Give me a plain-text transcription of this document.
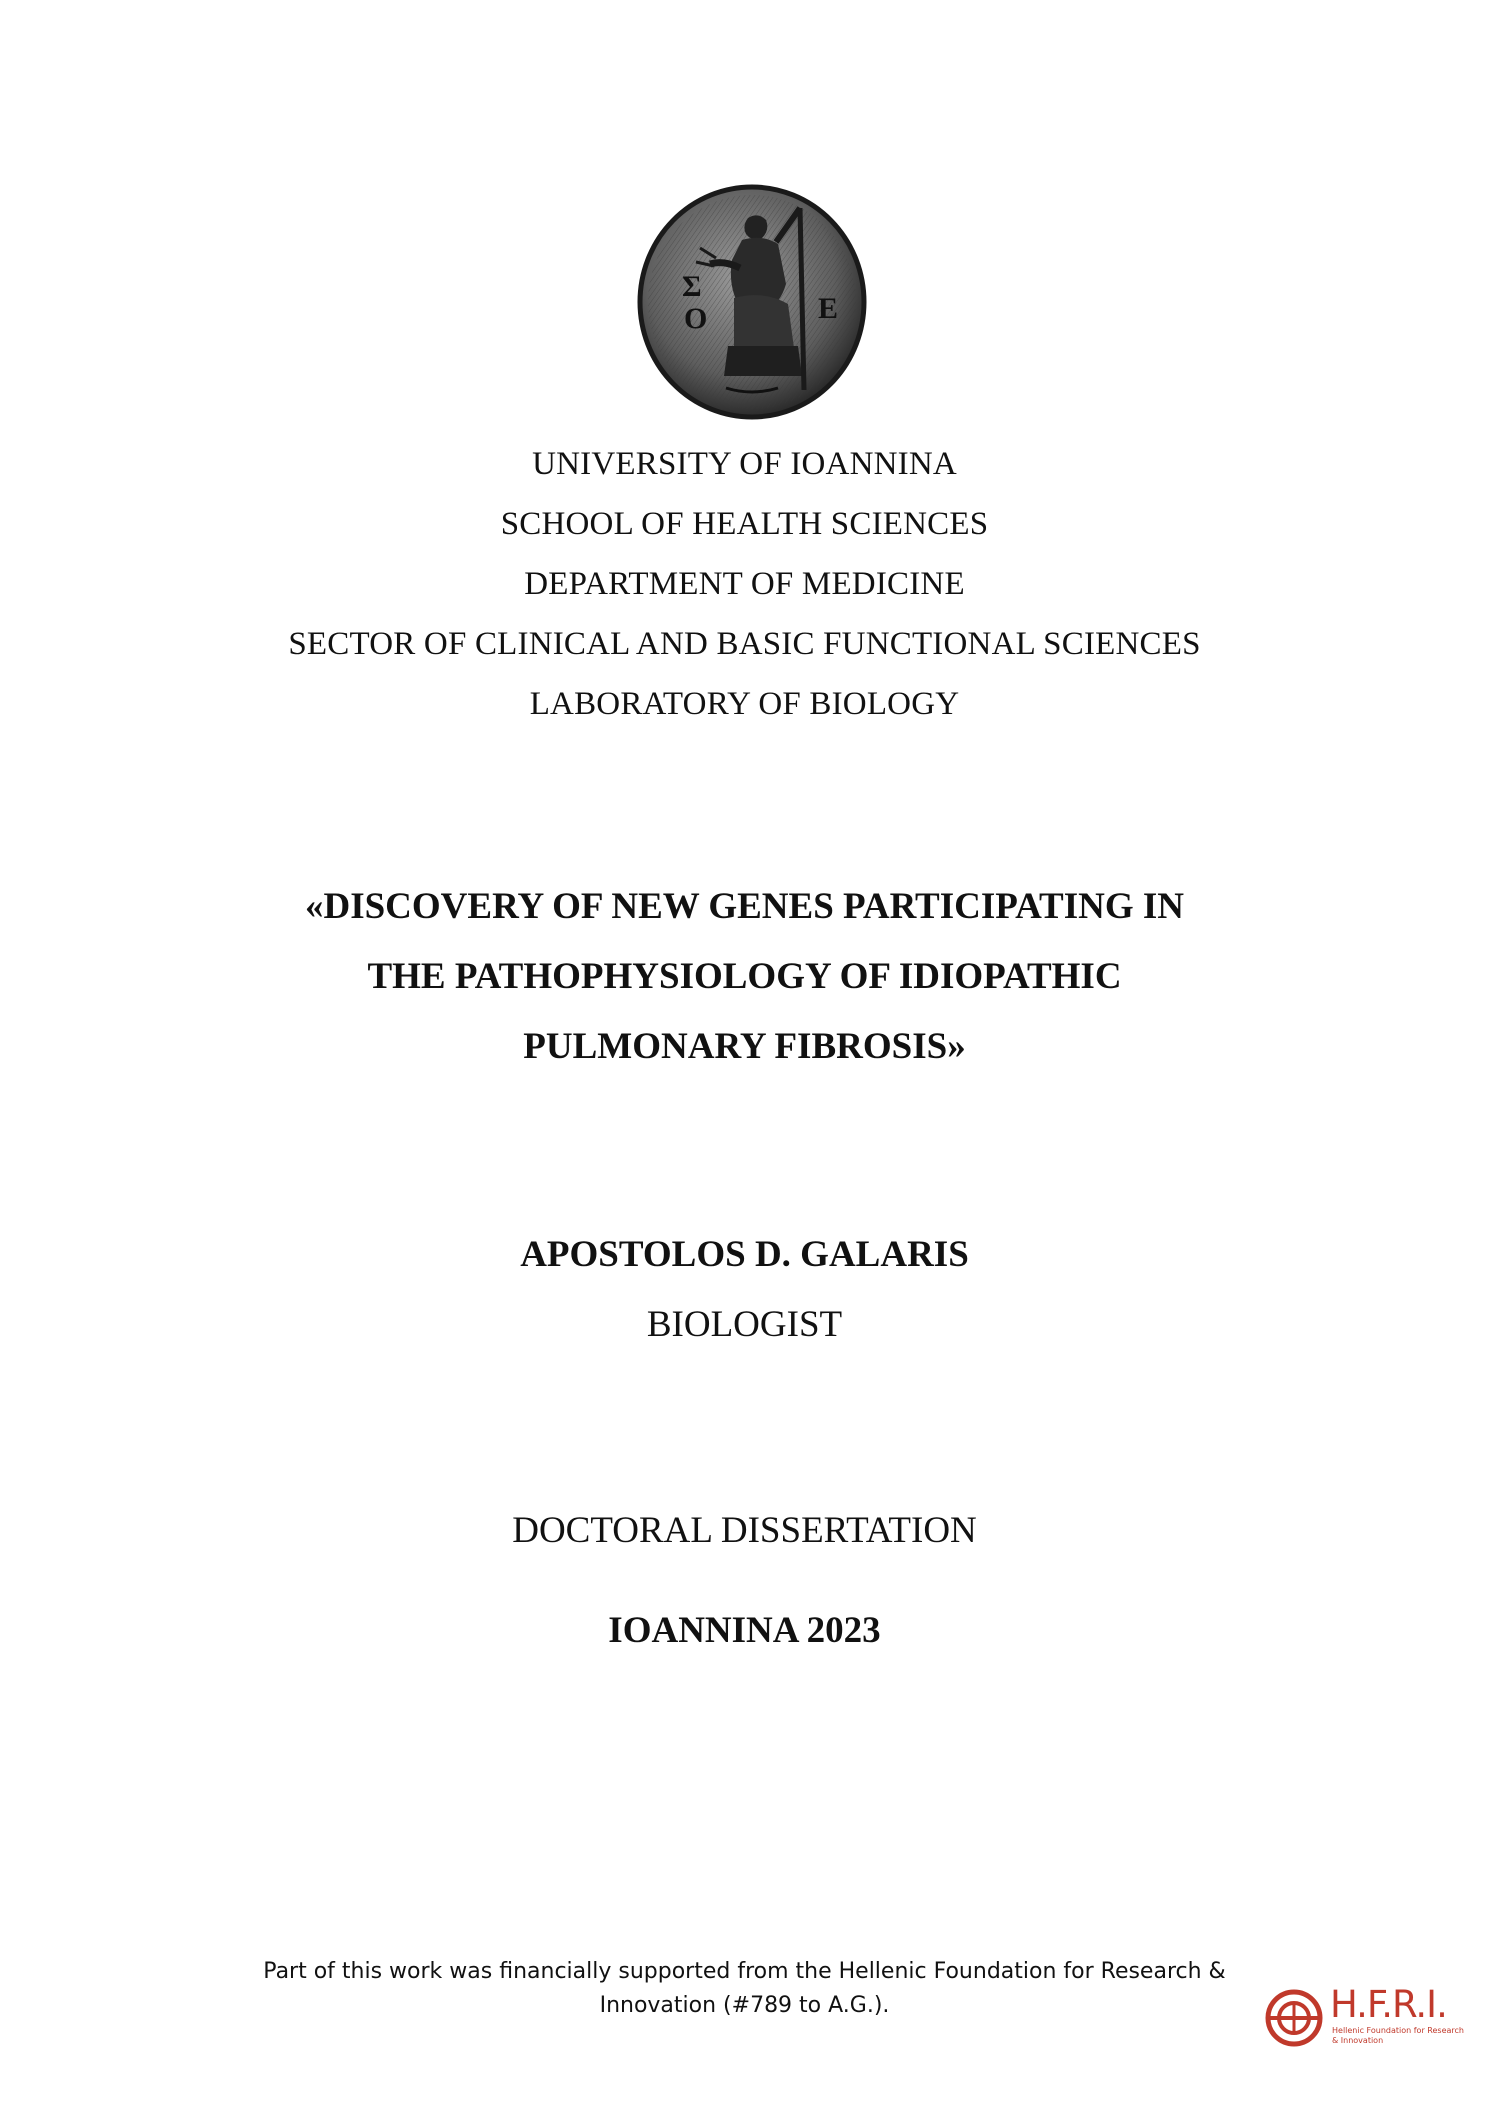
Σ
Ο	Ε
UNIVERSITY OF IOANNINA
SCHOOL OF HEALTH SCIENCES
DEPARTMENT OF MEDICINE
SECTOR OF CLINICAL AND BASIC FUNCTIONAL SCIENCES
LABORATORY OF BIOLOGY
«DISCOVERY OF NEW GENES PARTICIPATING IN
THE PATHOPHYSIOLOGY OF IDIOPATHIC
PULMONARY FIBROSIS»
APOSTOLOS D. GALARIS
BIOLOGIST
DOCTORAL DISSERTATION
IOANNINA 2023
Part of this work was financially supported from the Hellenic Foundation for Research &
Innovation (#789 to A.G.).	H.F.R.I.
Hellenic Foundation for Research & Innovation
